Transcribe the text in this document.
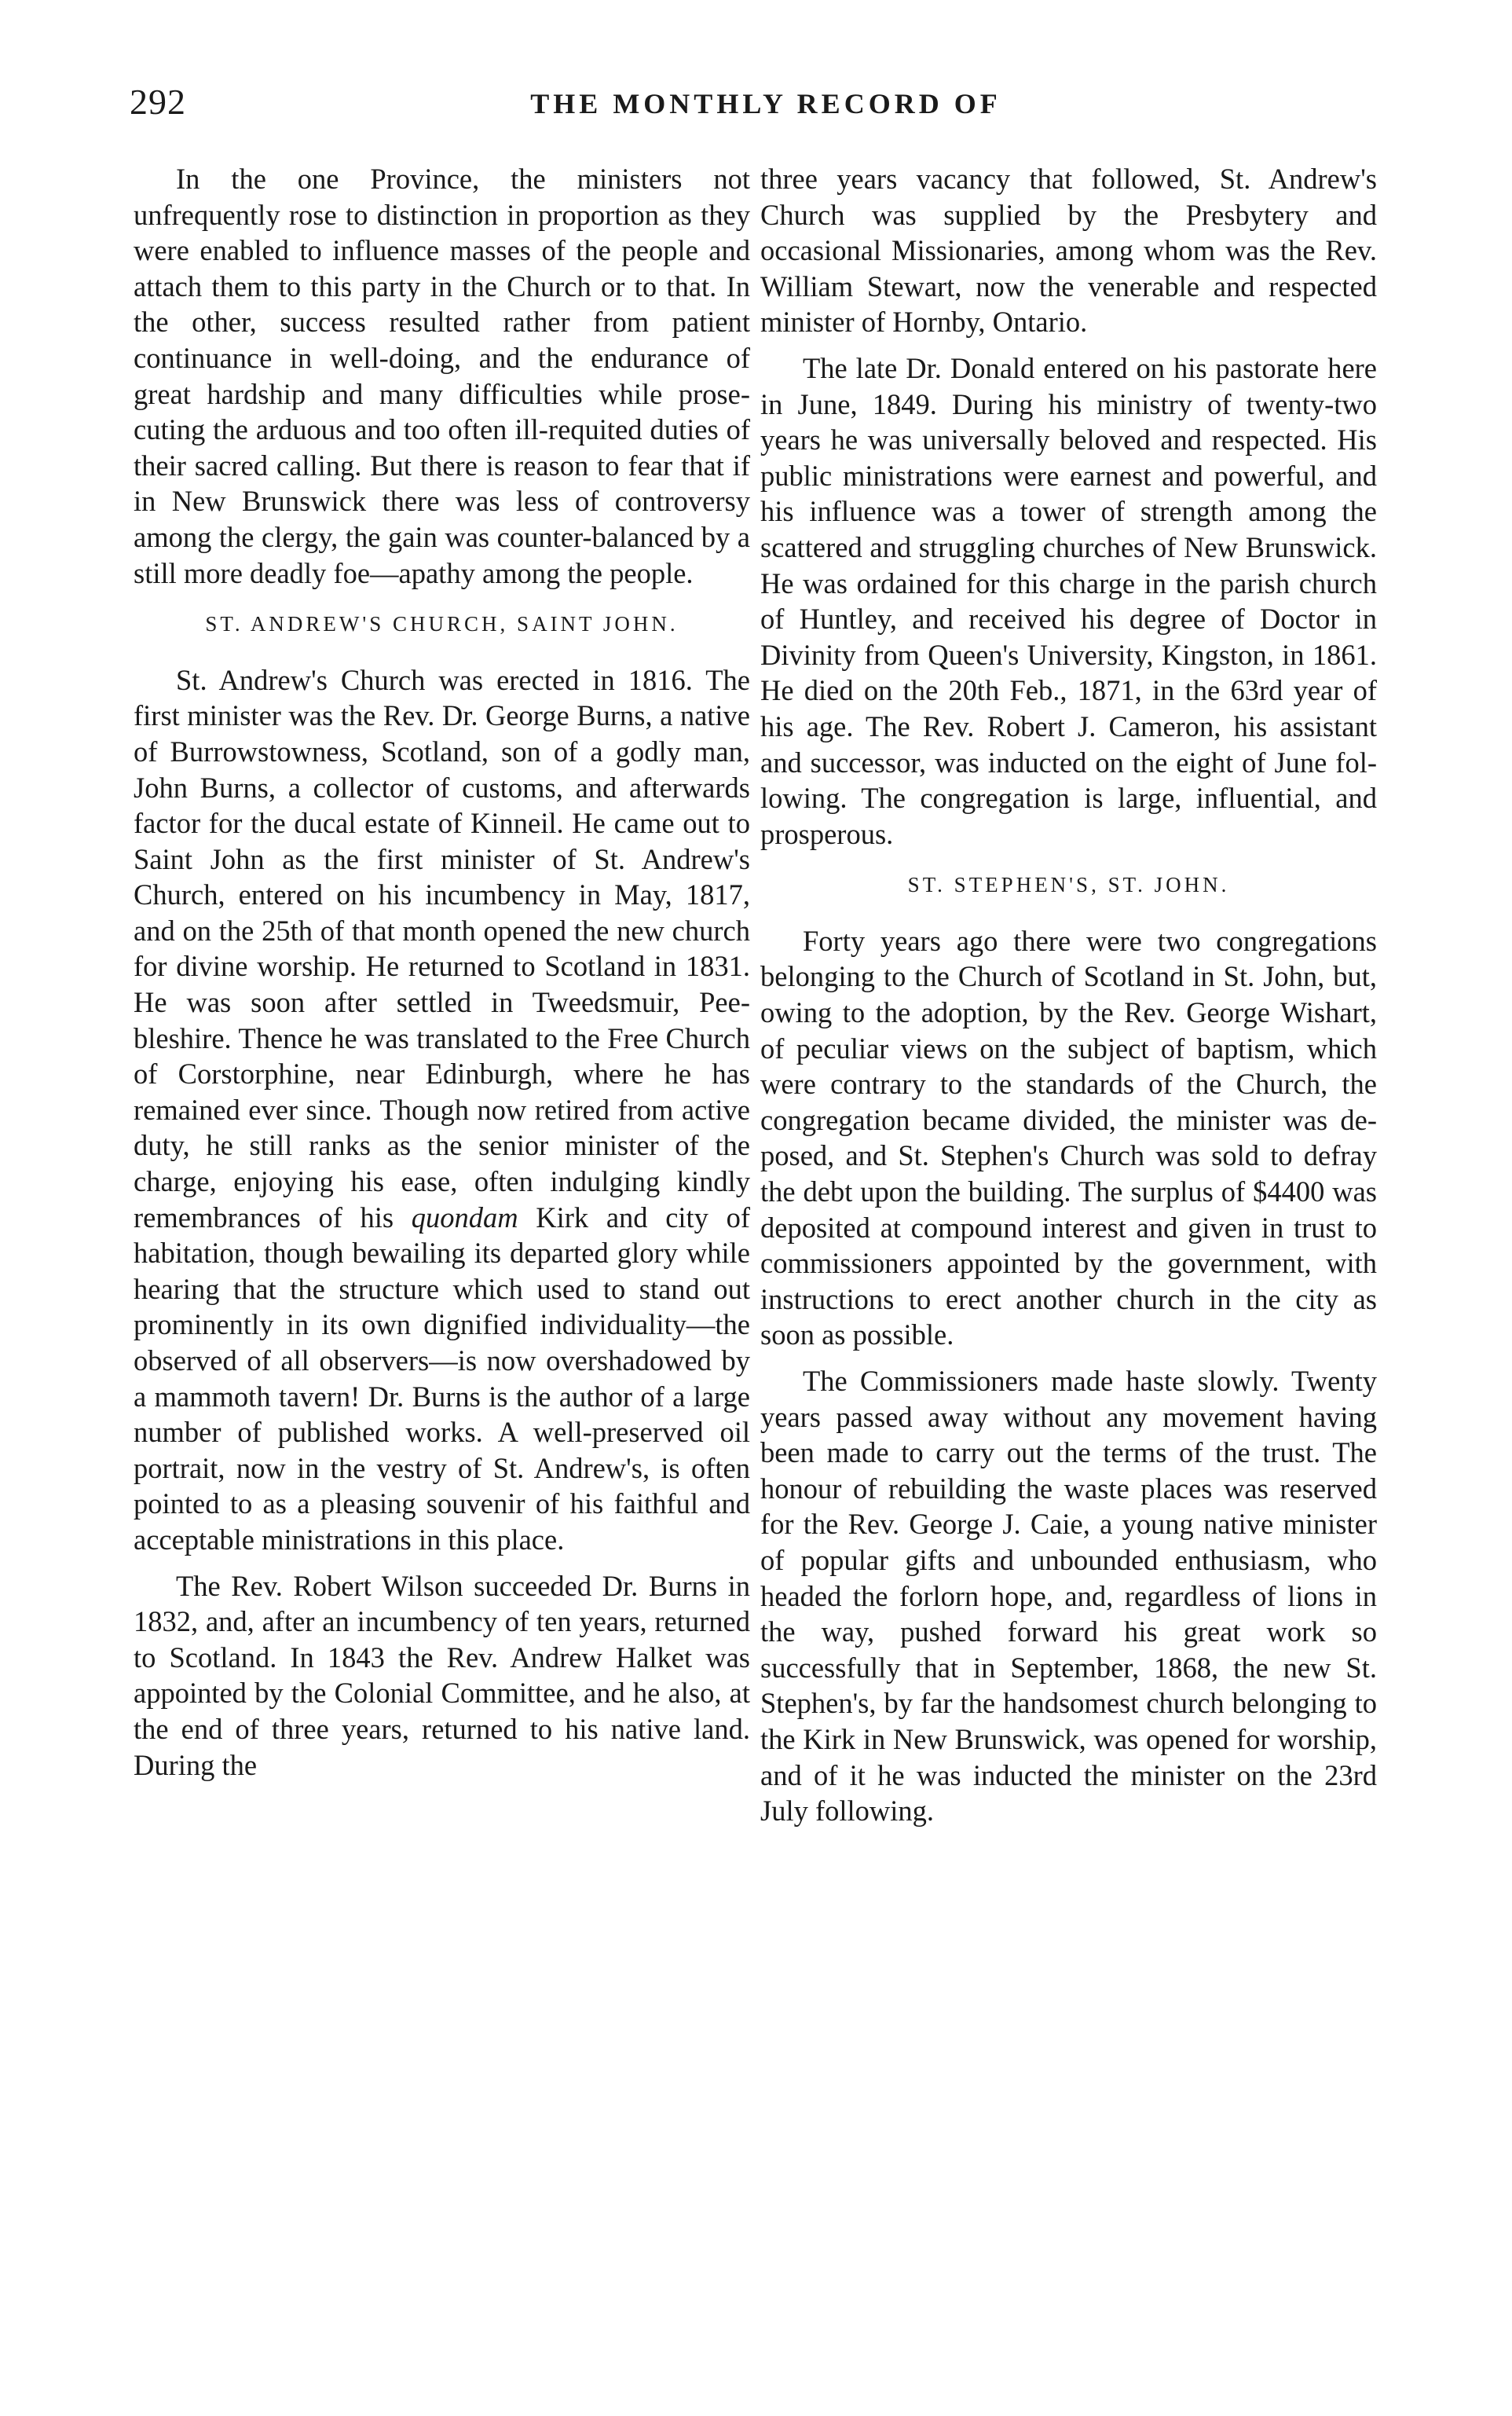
292	THE MONTHLY RECORD OF

In the one Province, the ministers not unfrequently rose to distinction in proportion as they were enabled to influence masses of the people and attach them to this party in the Church or to that. In the other, success resulted rather from patient continuance in well-doing, and the endurance of great hardship and many difficulties while prosecuting the arduous and too often ill-requited duties of their sacred calling. But there is reason to fear that if in New Brunswick there was less of controversy among the clergy, the gain was counter-balanced by a still more deadly foe—apathy among the people.

ST. ANDREW'S CHURCH, SAINT JOHN.

St. Andrew's Church was erected in 1816. The first minister was the Rev. Dr. George Burns, a native of Burrowstowness, Scotland, son of a godly man, John Burns, a collector of customs, and afterwards factor for the ducal estate of Kinneil. He came out to Saint John as the first minister of St. Andrew's Church, entered on his incumbency in May, 1817, and on the 25th of that month opened the new church for divine worship. He returned to Scotland in 1831. He was soon after settled in Tweedsmuir, Peebleshire. Thence he was translated to the Free Church of Corstorphine, near Edinburgh, where he has remained ever since. Though now retired from active duty, he still ranks as the senior minister of the charge, enjoying his ease, often indulging kindly remembrances of his quondam Kirk and city of habitation, though bewailing its departed glory while hearing that the structure which used to stand out prominently in its own dignified individuality—the observed of all observers—is now overshadowed by a mammoth tavern! Dr. Burns is the author of a large number of published works. A well-preserved oil portrait, now in the vestry of St. Andrew's, is often pointed to as a pleasing souvenir of his faithful and acceptable ministrations in this place.

The Rev. Robert Wilson succeeded Dr. Burns in 1832, and, after an incumbency of ten years, returned to Scotland. In 1843 the Rev. Andrew Halket was appointed by the Colonial Committee, and he also, at the end of three years, returned to his native land. During the

three years vacancy that followed, St. Andrew's Church was supplied by the Presbytery and occasional Missionaries, among whom was the Rev. William Stewart, now the venerable and respected minister of Hornby, Ontario.

The late Dr. Donald entered on his pastorate here in June, 1849. During his ministry of twenty-two years he was universally beloved and respected. His public ministrations were earnest and powerful, and his influence was a tower of strength among the scattered and struggling churches of New Brunswick. He was ordained for this charge in the parish church of Huntley, and received his degree of Doctor in Divinity from Queen's University, Kingston, in 1861. He died on the 20th Feb., 1871, in the 63rd year of his age. The Rev. Robert J. Cameron, his assistant and successor, was inducted on the eight of June following. The congregation is large, influential, and prosperous.

ST. STEPHEN'S, ST. JOHN.

Forty years ago there were two congregations belonging to the Church of Scotland in St. John, but, owing to the adoption, by the Rev. George Wishart, of peculiar views on the subject of baptism, which were contrary to the standards of the Church, the congregation became divided, the minister was deposed, and St. Stephen's Church was sold to defray the debt upon the building. The surplus of $4400 was deposited at compound interest and given in trust to commissioners appointed by the government, with instructions to erect another church in the city as soon as possible.

The Commissioners made haste slowly. Twenty years passed away without any movement having been made to carry out the terms of the trust. The honour of rebuilding the waste places was reserved for the Rev. George J. Caie, a young native minister of popular gifts and unbounded enthusiasm, who headed the forlorn hope, and, regardless of lions in the way, pushed forward his great work so successfully that in September, 1868, the new St. Stephen's, by far the handsomest church belonging to the Kirk in New Brunswick, was opened for worship, and of it he was inducted the minister on the 23rd July following.
